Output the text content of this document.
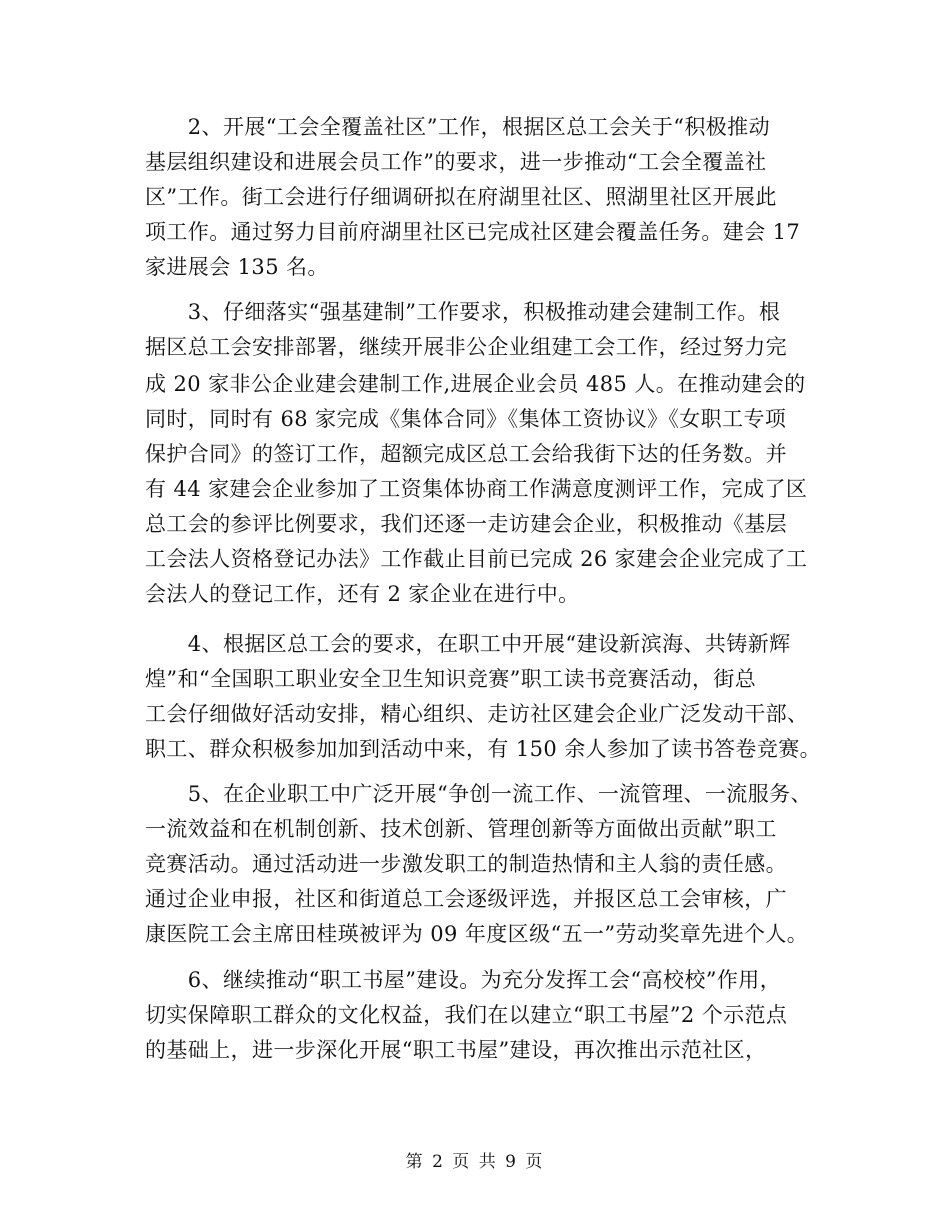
　　2、开展“工会全覆盖社区”工作，根据区总工会关于“积极推动
基层组织建设和进展会员工作”的要求，进一步推动“工会全覆盖社
区”工作。街工会进行仔细调研拟在府湖里社区、照湖里社区开展此
项工作。通过努力目前府湖里社区已完成社区建会覆盖任务。建会 17
家进展会 135 名。
　　3、仔细落实“强基建制”工作要求，积极推动建会建制工作。根
据区总工会安排部署，继续开展非公企业组建工会工作，经过努力完
成 20 家非公企业建会建制工作,进展企业会员 485 人。在推动建会的
同时，同时有 68 家完成《集体合同》《集体工资协议》《女职工专项
保护合同》的签订工作，超额完成区总工会给我街下达的任务数。并
有 44 家建会企业参加了工资集体协商工作满意度测评工作，完成了区
总工会的参评比例要求，我们还逐一走访建会企业，积极推动《基层
工会法人资格登记办法》工作截止目前已完成 26 家建会企业完成了工
会法人的登记工作，还有 2 家企业在进行中。
　　4、根据区总工会的要求，在职工中开展“建设新滨海、共铸新辉
煌”和“全国职工职业安全卫生知识竞赛”职工读书竞赛活动，街总
工会仔细做好活动安排，精心组织、走访社区建会企业广泛发动干部、
职工、群众积极参加加到活动中来，有 150 余人参加了读书答卷竞赛。
　　5、在企业职工中广泛开展“争创一流工作、一流管理、一流服务、
一流效益和在机制创新、技术创新、管理创新等方面做出贡献”职工
竞赛活动。通过活动进一步激发职工的制造热情和主人翁的责任感。
通过企业申报，社区和街道总工会逐级评选，并报区总工会审核，广
康医院工会主席田桂瑛被评为 09 年度区级“五一”劳动奖章先进个人。
　　6、继续推动“职工书屋”建设。为充分发挥工会“高校校”作用，
切实保障职工群众的文化权益，我们在以建立“职工书屋”2 个示范点
的基础上，进一步深化开展“职工书屋”建设，再次推出示范社区，
第 2 页 共 9 页
